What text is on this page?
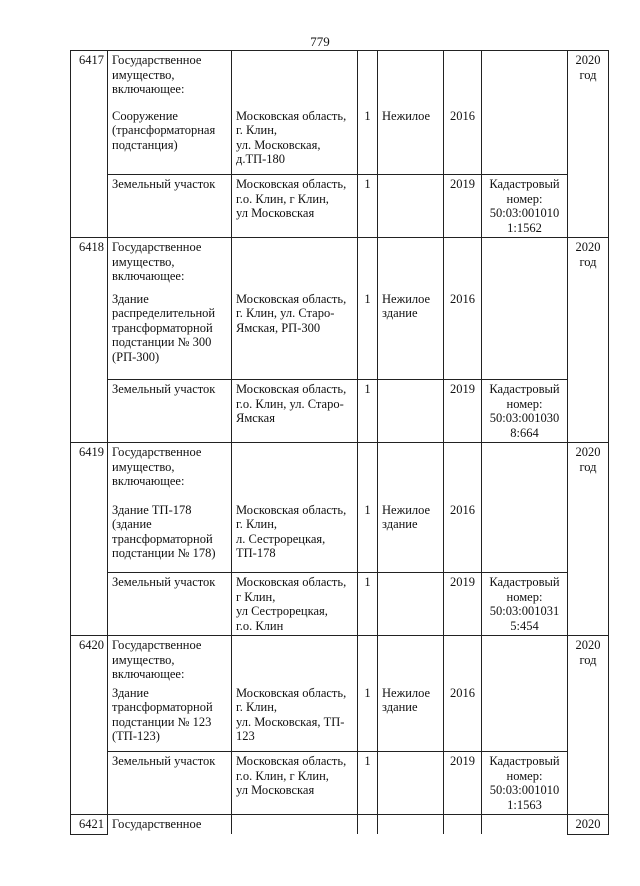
779
6417	Государственное
имущество,
включающее:						2020
год
	Сооружение
(трансформаторная
подстанция)	Московская область,
г. Клин,
ул. Московская,
д.ТП-180	1	Нежилое	2016		
	Земельный участок	Московская область,
г.о. Клин, г Клин,
ул Московская	1		2019	Кадастровый
номер:
50:03:001010
1:1562	
6418	Государственное
имущество,
включающее:						2020
год
	Здание
распределительной
трансформаторной
подстанции № 300
(РП-300)	Московская область,
г. Клин, ул. Старо-
Ямская, РП-300	1	Нежилое
здание	2016		
	Земельный участок	Московская область,
г.о. Клин, ул. Старо-
Ямская	1		2019	Кадастровый
номер:
50:03:001030
8:664	
6419	Государственное
имущество,
включающее:						2020
год
	Здание ТП-178
(здание
трансформаторной
подстанции № 178)	Московская область,
г. Клин,
л. Сестрорецкая,
ТП-178	1	Нежилое
здание	2016		
	Земельный участок	Московская область,
г Клин,
ул Сестрорецкая,
г.о. Клин	1		2019	Кадастровый
номер:
50:03:001031
5:454	
6420	Государственное
имущество,
включающее:						2020
год
	Здание
трансформаторной
подстанции № 123
(ТП-123)	Московская область,
г. Клин,
ул. Московская, ТП-
123	1	Нежилое
здание	2016		
	Земельный участок	Московская область,
г.о. Клин, г Клин,
ул Московская	1		2019	Кадастровый
номер:
50:03:001010
1:1563	
6421	Государственное						2020
